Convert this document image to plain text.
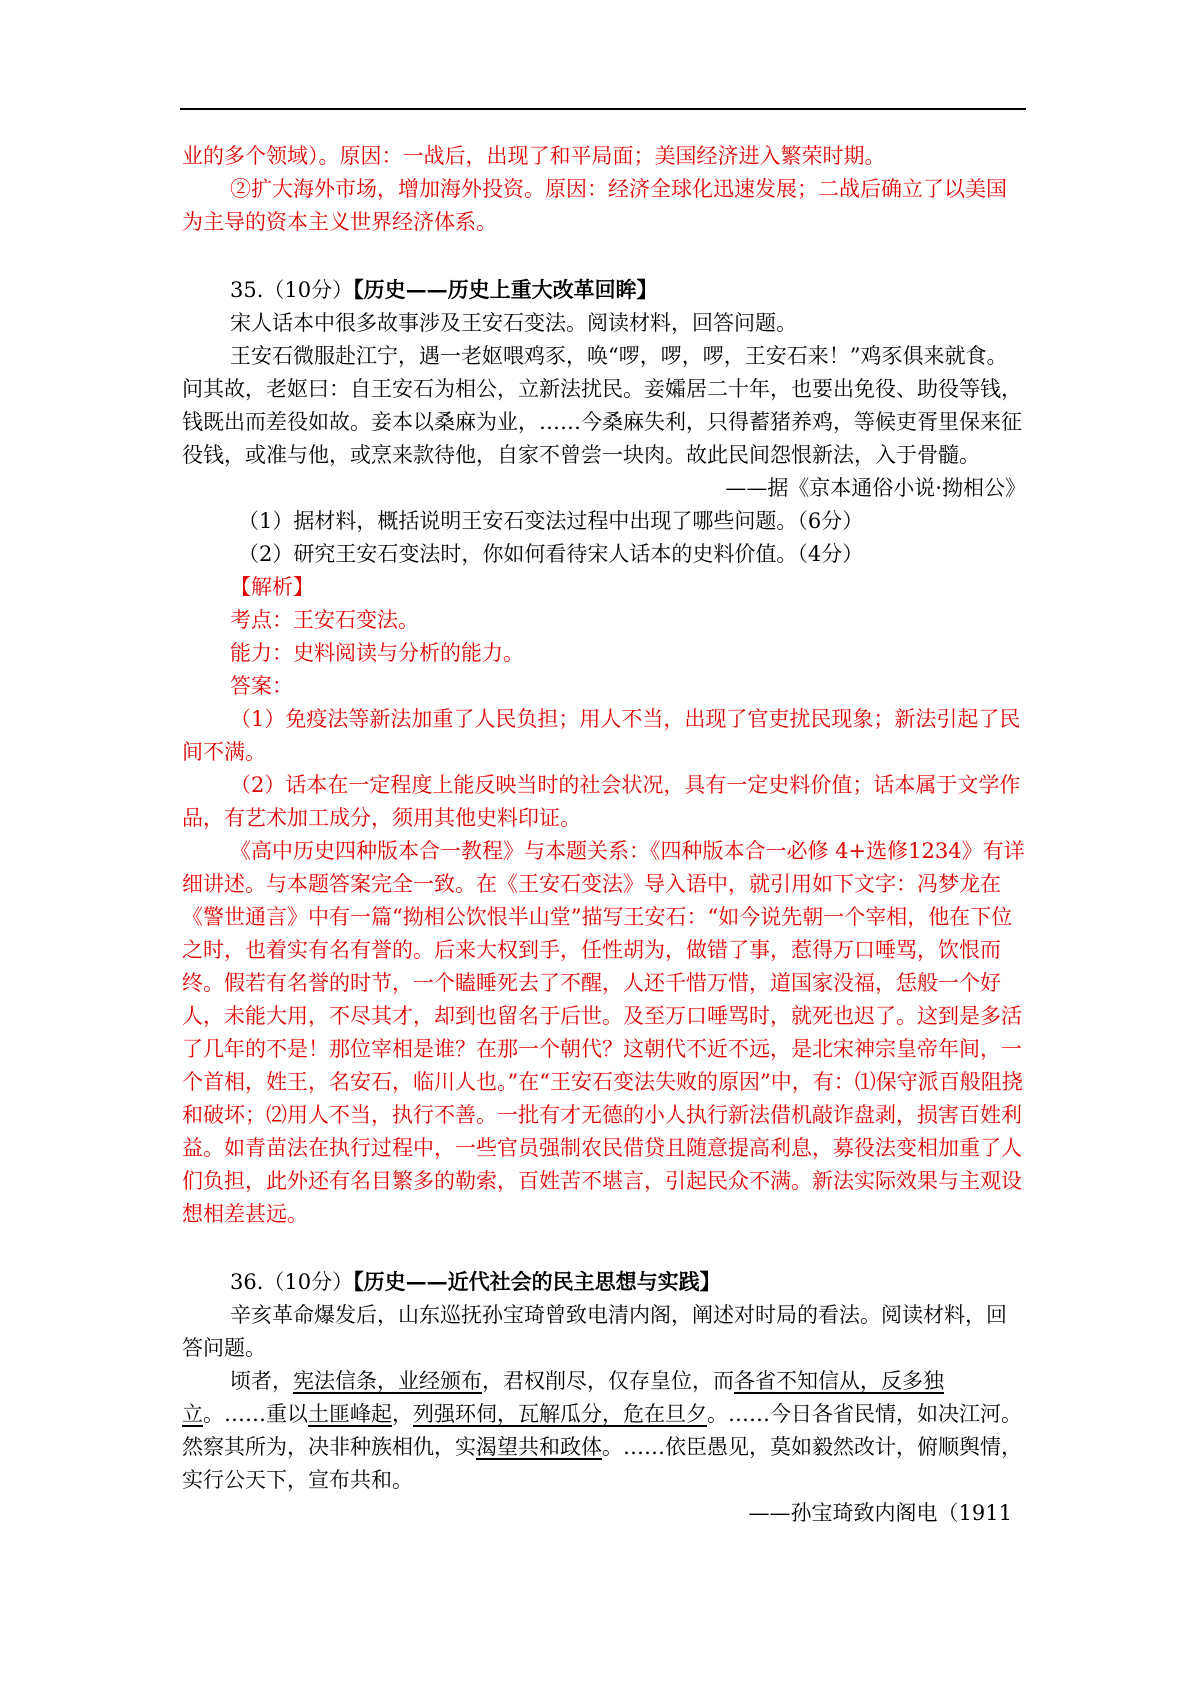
业的多个领域）。原因：一战后，出现了和平局面；美国经济进入繁荣时期。

②扩大海外市场，增加海外投资。原因：经济全球化迅速发展；二战后确立了以美国为主导的资本主义世界经济体系。

35.（10分）【历史——历史上重大改革回眸】

宋人话本中很多故事涉及王安石变法。阅读材料，回答问题。

王安石微服赴江宁，遇一老妪喂鸡豕，唤“啰，啰，啰，王安石来！”鸡豕俱来就食。问其故，老妪曰：自王安石为相公，立新法扰民。妾孀居二十年，也要出免役、助役等钱，钱既出而差役如故。妾本以桑麻为业，……今桑麻失利，只得蓄猪养鸡，等候吏胥里保来征役钱，或准与他，或烹来款待他，自家不曾尝一块肉。故此民间怨恨新法，入于骨髓。

——据《京本通俗小说·拗相公》

（1）据材料，概括说明王安石变法过程中出现了哪些问题。（6分）

（2）研究王安石变法时，你如何看待宋人话本的史料价值。（4分）

【解析】

考点：王安石变法。

能力：史料阅读与分析的能力。

答案：

（1）免疫法等新法加重了人民负担；用人不当，出现了官吏扰民现象；新法引起了民间不满。

（2）话本在一定程度上能反映当时的社会状况，具有一定史料价值；话本属于文学作品，有艺术加工成分，须用其他史料印证。

《高中历史四种版本合一教程》与本题关系：《四种版本合一必修 4+选修1234》有详细讲述。与本题答案完全一致。在《王安石变法》导入语中，就引用如下文字：冯梦龙在《警世通言》中有一篇“拗相公饮恨半山堂”描写王安石：“如今说先朝一个宰相，他在下位之时，也着实有名有誉的。后来大权到手，任性胡为，做错了事，惹得万口唾骂，饮恨而终。假若有名誉的时节，一个瞌睡死去了不醒，人还千惜万惜，道国家没福，恁般一个好人，未能大用，不尽其才，却到也留名于后世。及至万口唾骂时，就死也迟了。这到是多活了几年的不是！那位宰相是谁？在那一个朝代？这朝代不近不远，是北宋神宗皇帝年间，一个首相，姓王，名安石，临川人也。”在“王安石变法失败的原因”中，有：⑴保守派百般阻挠和破坏；⑵用人不当，执行不善。一批有才无德的小人执行新法借机敲诈盘剥，损害百姓利益。如青苗法在执行过程中，一些官员强制农民借贷且随意提高利息，募役法变相加重了人们负担，此外还有名目繁多的勒索，百姓苦不堪言，引起民众不满。新法实际效果与主观设想相差甚远。

36.（10分）【历史——近代社会的民主思想与实践】

辛亥革命爆发后，山东巡抚孙宝琦曾致电清内阁，阐述对时局的看法。阅读材料，回答问题。

顷者，宪法信条，业经颁布，君权削尽，仅存皇位，而各省不知信从，反多独立。……重以土匪峰起，列强环伺，瓦解瓜分，危在旦夕。……今日各省民情，如决江河。然察其所为，决非种族相仇，实渴望共和政体。……依臣愚见，莫如毅然改计，俯顺舆情，实行公天下，宣布共和。

——孙宝琦致内阁电（1911
